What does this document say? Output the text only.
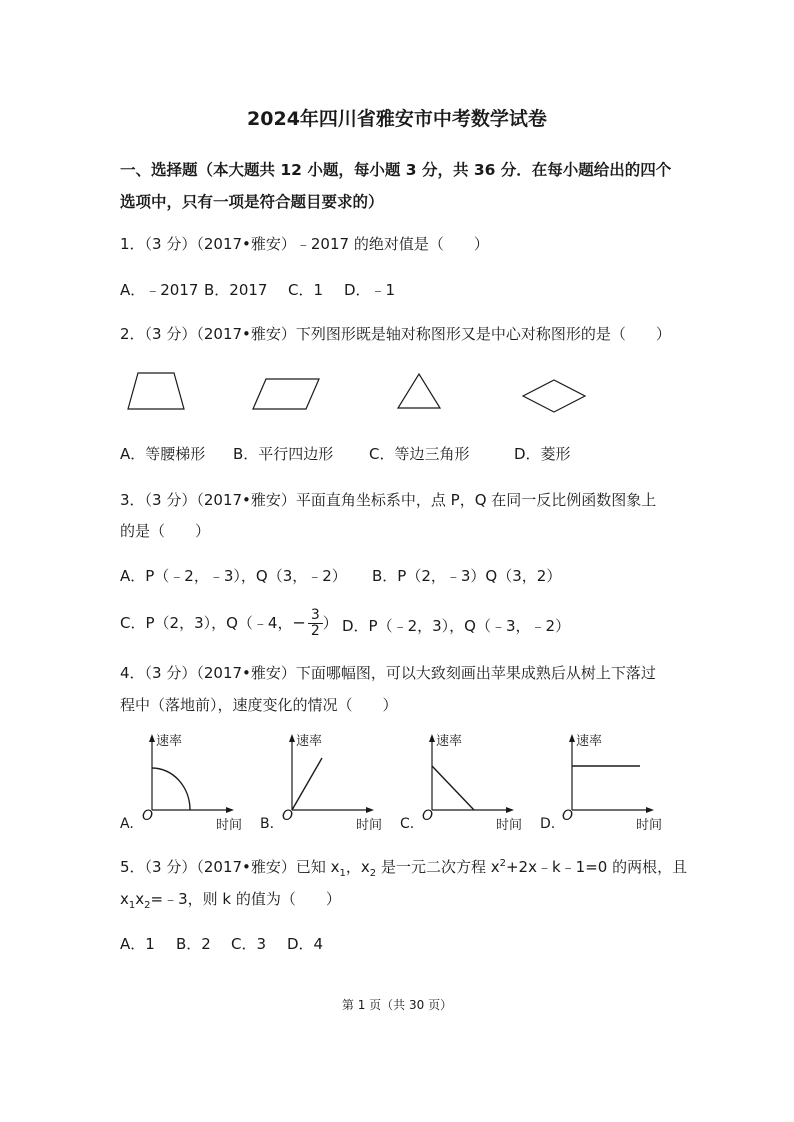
2024年四川省雅安市中考数学试卷
一、选择题（本大题共 12 小题，每小题 3 分，共 36 分．在每小题给出的四个
选项中，只有一项是符合题目要求的）
1．（3 分）（2017•雅安）﹣2017 的绝对值是（　　）
A．﹣2017 B．2017 C．1 D．﹣1
2．（3 分）（2017•雅安）下列图形既是轴对称图形又是中心对称图形的是（　　）
A．等腰梯形 B．平行四边形 C．等边三角形	D．菱形
3．（3 分）（2017•雅安）平面直角坐标系中，点 P，Q 在同一反比例函数图象上
的是（　　）
A．P（﹣2，﹣3），Q（3，﹣2） B．P（2，﹣3）Q（3，2）
C．P（2，3），Q（﹣4，− $\frac{3}{2}$ ） D．P（﹣2，3），Q（﹣3，﹣2）
4．（3 分）（2017•雅安）下面哪幅图，可以大致刻画出苹果成熟后从树上下落过
程中（落地前），速度变化的情况（　　）
速率
时间
O
A.
速率
时间
O
B.
速率
时间
O
C.
速率
时间
O
D.
5．（3 分）（2017•雅安）已知 $x_1$，$x_2$ 是一元二次方程 $x^2+2x﹣k﹣1=0$ 的两根，且
$x_1x_2=﹣3$，则 k 的值为（　　）
A．1 B．2 C．3 D．4
第 1 页（共 30 页）
